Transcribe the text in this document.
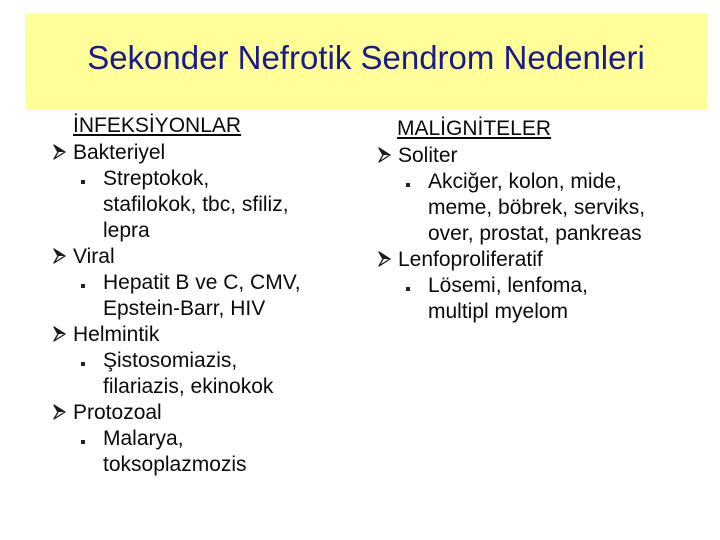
Sekonder Nefrotik Sendrom Nedenleri
İNFEKSİYONLAR
Bakteriyel
Streptokok,
stafilokok, tbc, sfiliz,
lepra
Viral
Hepatit B ve C, CMV,
Epstein-Barr, HIV
Helmintik
Şistosomiazis,
filariazis, ekinokok
Protozoal
Malarya,
toksoplazmozis
MALİGNİTELER
Soliter
Akciğer, kolon, mide,
meme, böbrek, serviks,
over, prostat, pankreas
Lenfoproliferatif
Lösemi, lenfoma,
multipl myelom
